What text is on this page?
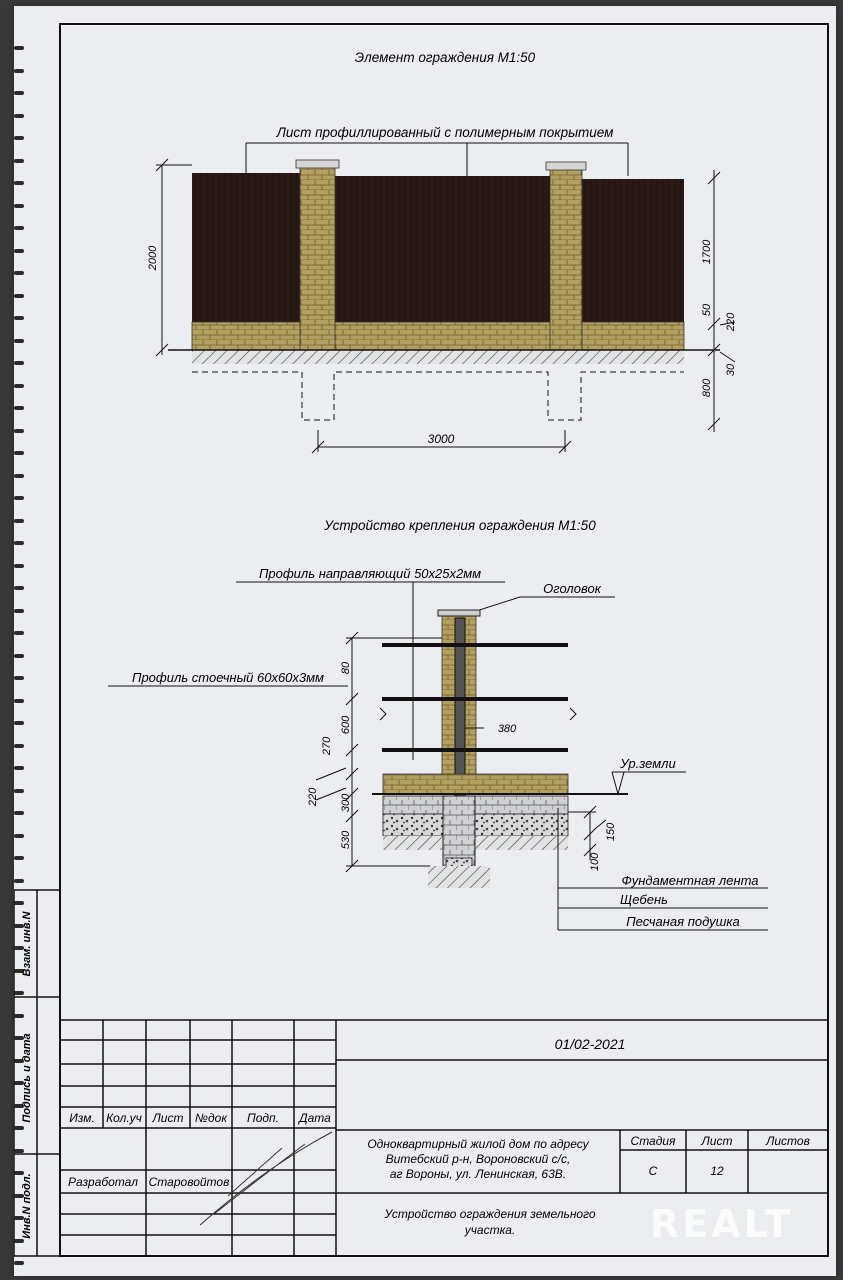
Элемент ограждения М1:50
Лист профиллированный с полимерным покрытием
2000	1700
50
220
30
800
3000
Устройство крепления ограждения М1:50
Профиль направляющий 50x25x2мм
Оголовок
Профиль стоечный 60x60x3мм
380
Ур.земли
80
600
270
220 300
530	150
100
Фундаментная лента
Щебень
Песчаная подушка
Взам. инв.N
Подпись и дата
Инв.N подл.
01/02-2021
Изм. Кол.уч Лист №док Подп. Дата
Разработал Старовойтов
Одноквартирный жилой дом по адресу
Витебский р-н, Вороновский с/с,
аг Вороны, ул. Ленинская, 63В.
Стадия Лист	Листов
С	12
Устройство ограждения земельного
участка.	REALT
